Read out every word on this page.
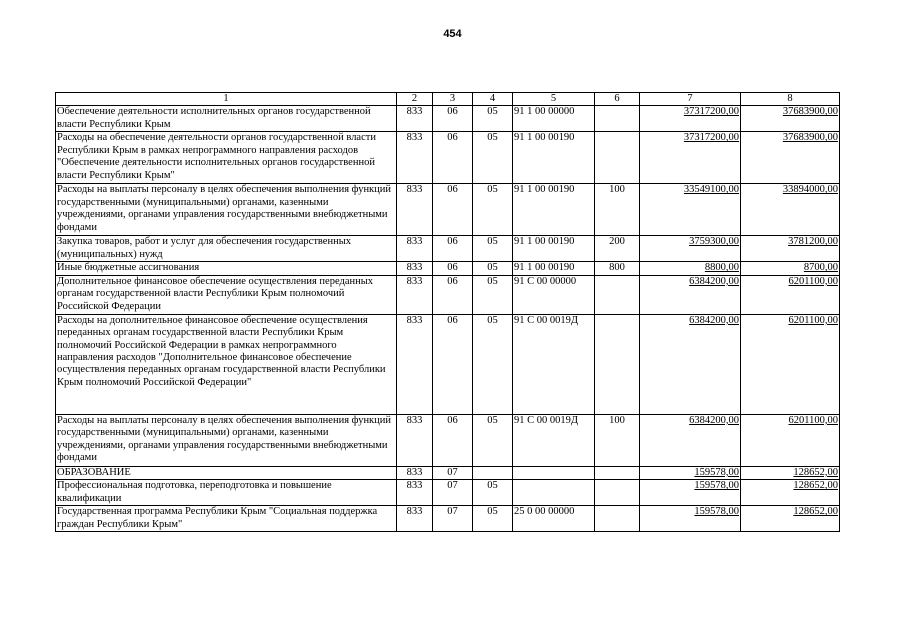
454
1	2	3	4	5	6	7	8
Обеспечение деятельности исполнительных органов государственной власти Республики Крым	833	06	05	91 1 00 00000		37317200,00	37683900,00
Расходы на обеспечение деятельности органов государственной власти Республики Крым в рамках непрограммного направления расходов "Обеспечение деятельности исполнительных органов государственной власти Республики Крым"	833	06	05	91 1 00 00190		37317200,00	37683900,00
Расходы на выплаты персоналу в целях обеспечения выполнения функций государственными (муниципальными) органами, казенными учреждениями, органами управления государственными внебюджетными фондами	833	06	05	91 1 00 00190	100	33549100,00	33894000,00
Закупка товаров, работ и услуг для обеспечения государственных (муниципальных) нужд	833	06	05	91 1 00 00190	200	3759300,00	3781200,00
Иные бюджетные ассигнования	833	06	05	91 1 00 00190	800	8800,00	8700,00
Дополнительное финансовое обеспечение осуществления переданных органам государственной власти Республики Крым полномочий Российской Федерации	833	06	05	91 С 00 00000		6384200,00	6201100,00
Расходы на дополнительное финансовое обеспечение осуществления переданных органам государственной власти Республики Крым полномочий Российской Федерации в рамках непрограммного направления расходов "Дополнительное финансовое обеспечение осуществления переданных органам государственной власти Республики Крым полномочий Российской Федерации"	833	06	05	91 С 00 0019Д		6384200,00	6201100,00
Расходы на выплаты персоналу в целях обеспечения выполнения функций государственными (муниципальными) органами, казенными учреждениями, органами управления государственными внебюджетными фондами	833	06	05	91 С 00 0019Д	100	6384200,00	6201100,00
ОБРАЗОВАНИЕ	833	07				159578,00	128652,00
Профессиональная подготовка, переподготовка и повышение квалификации	833	07	05			159578,00	128652,00
Государственная программа Республики Крым "Социальная поддержка граждан Республики Крым"	833	07	05	25 0 00 00000		159578,00	128652,00
